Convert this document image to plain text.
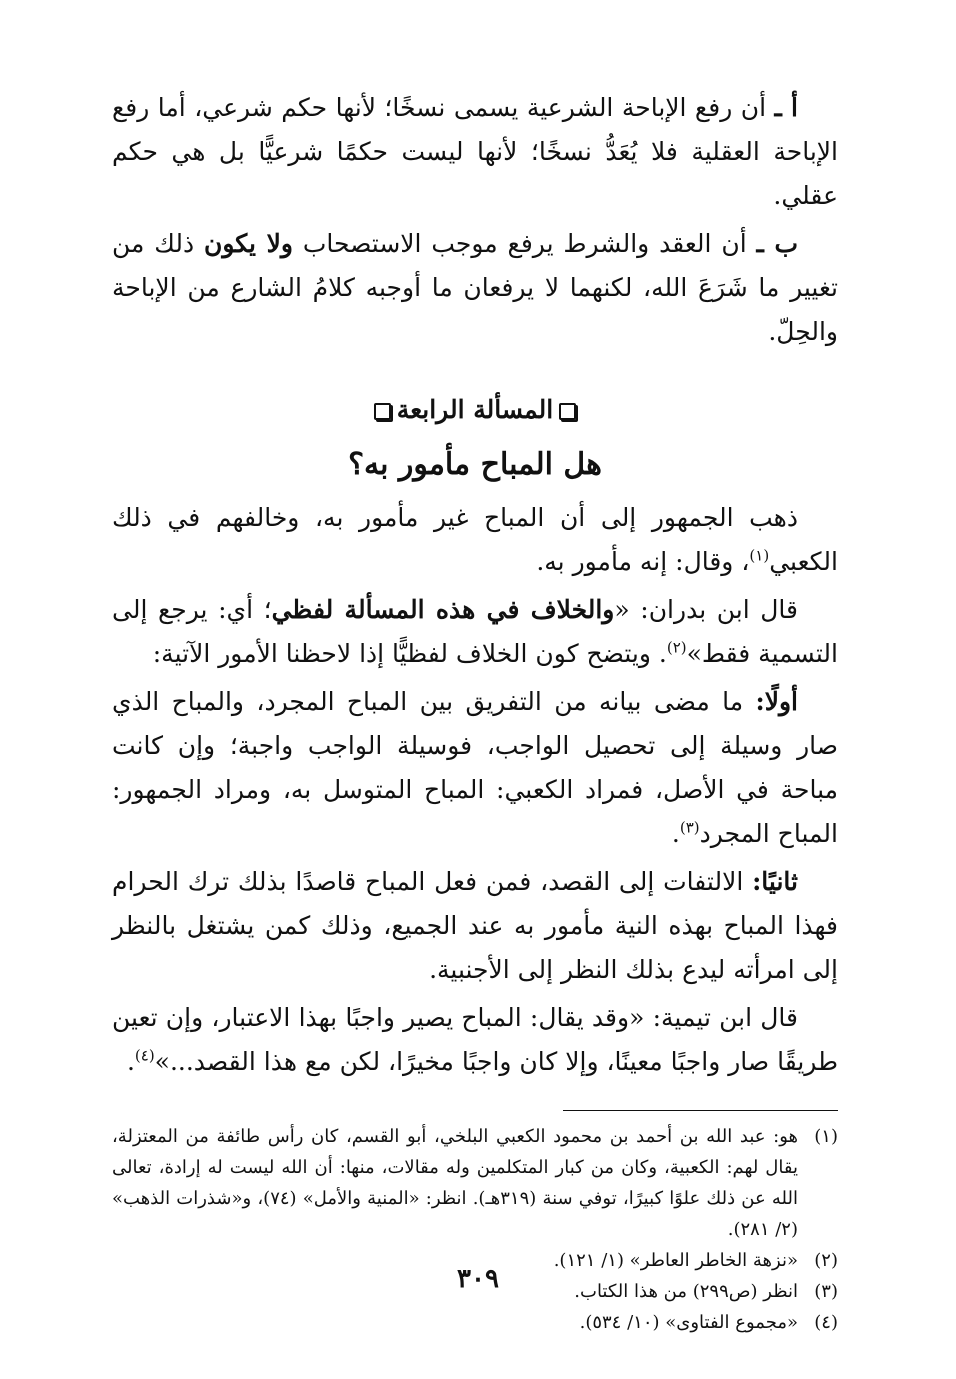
أ ـ أن رفع الإباحة الشرعية يسمى نسخًا؛ لأنها حكم شرعي، أما رفع الإباحة العقلية فلا يُعَدُّ نسخًا؛ لأنها ليست حكمًا شرعيًّا بل هي حكم عقلي.

ب ـ أن العقد والشرط يرفع موجب الاستصحاب ولا يكون ذلك من تغيير ما شَرَعَ الله، لكنهما لا يرفعان ما أوجبه كلامُ الشارع من الإباحة والحِلّ.

المسألة الرابعة
هل المباح مأمور به؟

ذهب الجمهور إلى أن المباح غير مأمور به، وخالفهم في ذلك الكعبي$^{(١)}$، وقال: إنه مأمور به.

قال ابن بدران: «والخلاف في هذه المسألة لفظي؛ أي: يرجع إلى التسمية فقط»$^{(٢)}$. ويتضح كون الخلاف لفظيًّا إذا لاحظنا الأمور الآتية:

أولًا: ما مضى بيانه من التفريق بين المباح المجرد، والمباح الذي صار وسيلة إلى تحصيل الواجب، فوسيلة الواجب واجبة؛ وإن كانت مباحة في الأصل، فمراد الكعبي: المباح المتوسل به، ومراد الجمهور: المباح المجرد$^{(٣)}$.

ثانيًا: الالتفات إلى القصد، فمن فعل المباح قاصدًا بذلك ترك الحرام فهذا المباح بهذه النية مأمور به عند الجميع، وذلك كمن يشتغل بالنظر إلى امرأته ليدع بذلك النظر إلى الأجنبية.

قال ابن تيمية: «وقد يقال: المباح يصير واجبًا بهذا الاعتبار، وإن تعين طريقًا صار واجبًا معينًا، وإلا كان واجبًا مخيرًا، لكن مع هذا القصد...»$^{(٤)}$.

(١)
هو: عبد الله بن أحمد بن محمود الكعبي البلخي، أبو القسم، كان رأس طائفة من المعتزلة، يقال لهم: الكعبية، وكان من كبار المتكلمين وله مقالات، منها: أن الله ليست له إرادة، تعالى الله عن ذلك علوًا كبيرًا، توفي سنة (٣١٩هـ). انظر: «المنية والأمل» (٧٤)، و«شذرات الذهب» (٢/ ٢٨١).
(٢)
«نزهة الخاطر العاطر» (١/ ١٢١).
(٣)
انظر (ص٢٩٩) من هذا الكتاب.
(٤)
«مجموع الفتاوى» (١٠/ ٥٣٤).
٣٠٩
